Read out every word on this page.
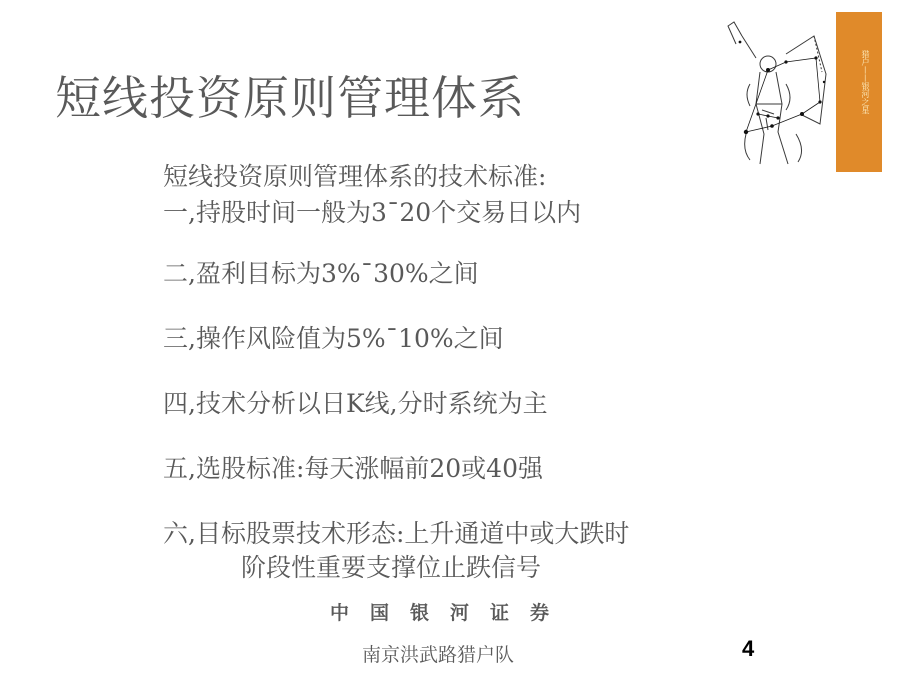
短线投资原则管理体系	猎户——银河之星
短线投资原则管理体系的技术标准:
一,持股时间一般为3¯20个交易日以内
二,盈利目标为3%¯30%之间
三,操作风险值为5%¯10%之间
四,技术分析以日K线,分时系统为主
五,选股标准:每天涨幅前20或40强
六,目标股票技术形态:上升通道中或大跌时
阶段性重要支撑位止跌信号
中国银河证券
南京洪武路猎户队	4
